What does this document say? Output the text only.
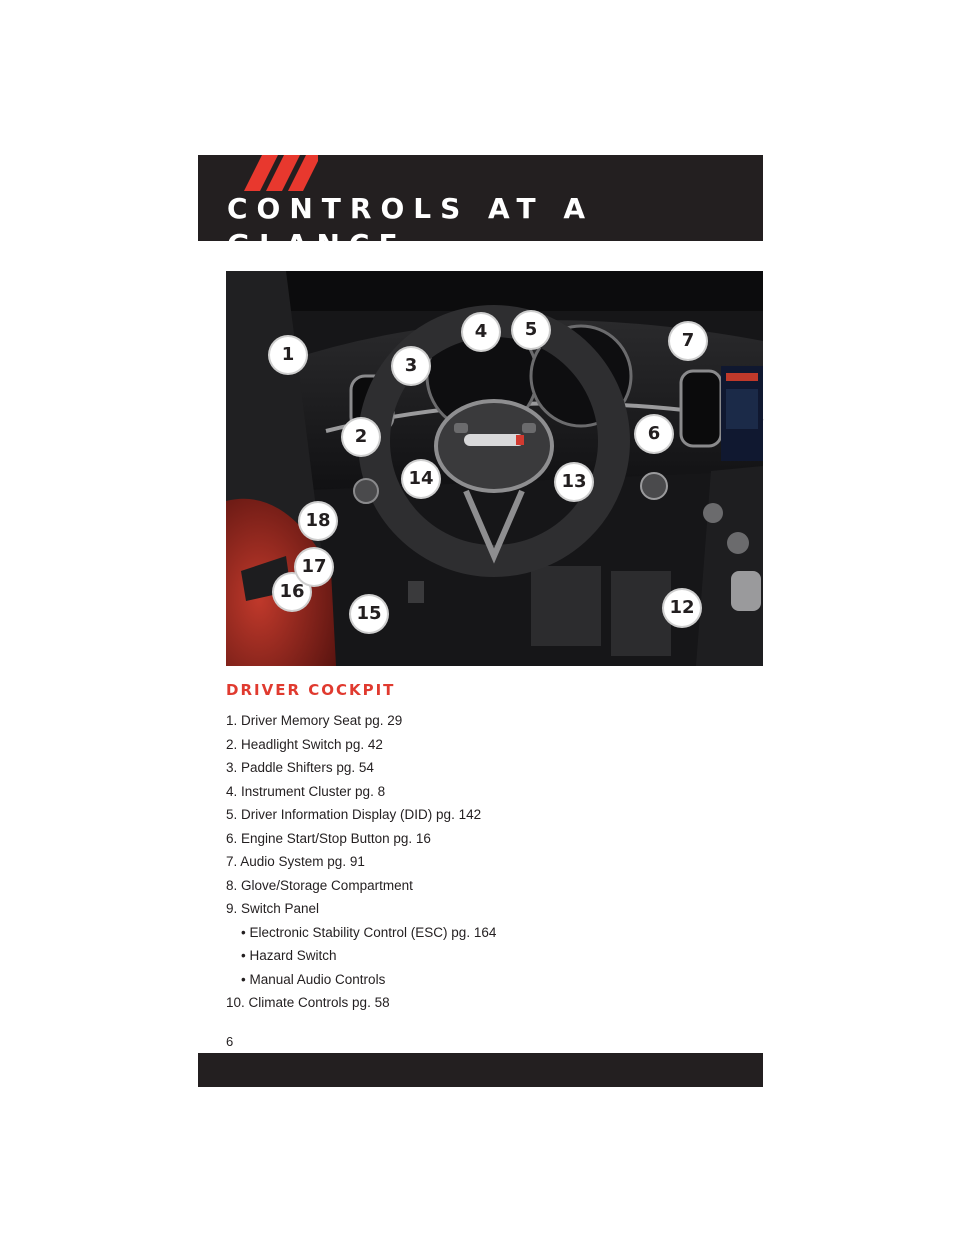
CONTROLS AT A GLANCE
1
2
3
4	5
6
7
12
13
14
15
16
17
18
DRIVER COCKPIT
1. Driver Memory Seat pg. 29
2. Headlight Switch pg. 42
3. Paddle Shifters pg. 54
4. Instrument Cluster pg. 8
5. Driver Information Display (DID) pg. 142
6. Engine Start/Stop Button pg. 16
7. Audio System pg. 91
8. Glove/Storage Compartment
9. Switch Panel
• Electronic Stability Control (ESC) pg. 164
• Hazard Switch
• Manual Audio Controls
10. Climate Controls pg. 58
6
